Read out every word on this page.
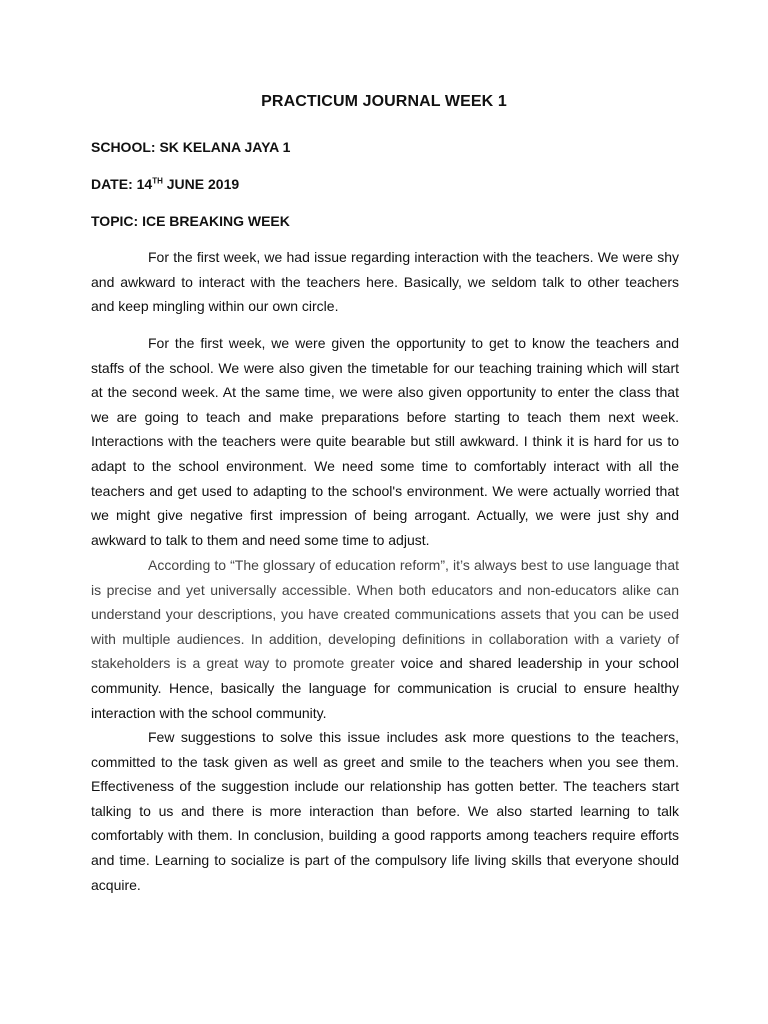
PRACTICUM JOURNAL WEEK 1

SCHOOL: SK KELANA JAYA 1

DATE: 14TH JUNE 2019

TOPIC: ICE BREAKING WEEK

For the first week, we had issue regarding interaction with the teachers. We were shy and awkward to interact with the teachers here. Basically, we seldom talk to other teachers and keep mingling within our own circle.

For the first week, we were given the opportunity to get to know the teachers and staffs of the school. We were also given the timetable for our teaching training which will start at the second week. At the same time, we were also given opportunity to enter the class that we are going to teach and make preparations before starting to teach them next week. Interactions with the teachers were quite bearable but still awkward. I think it is hard for us to adapt to the school environment. We need some time to comfortably interact with all the teachers and get used to adapting to the school's environment. We were actually worried that we might give negative first impression of being arrogant. Actually, we were just shy and awkward to talk to them and need some time to adjust.

According to “The glossary of education reform”, it’s always best to use language that is precise and yet universally accessible. When both educators and non-educators alike can understand your descriptions, you have created communications assets that you can be used with multiple audiences. In addition, developing definitions in collaboration with a variety of stakeholders is a great way to promote greater voice and shared leadership in your school community. Hence, basically the language for communication is crucial to ensure healthy interaction with the school community.

Few suggestions to solve this issue includes ask more questions to the teachers, committed to the task given as well as greet and smile to the teachers when you see them. Effectiveness of the suggestion include our relationship has gotten better. The teachers start talking to us and there is more interaction than before. We also started learning to talk comfortably with them. In conclusion, building a good rapports among teachers require efforts and time. Learning to socialize is part of the compulsory life living skills that everyone should acquire.
